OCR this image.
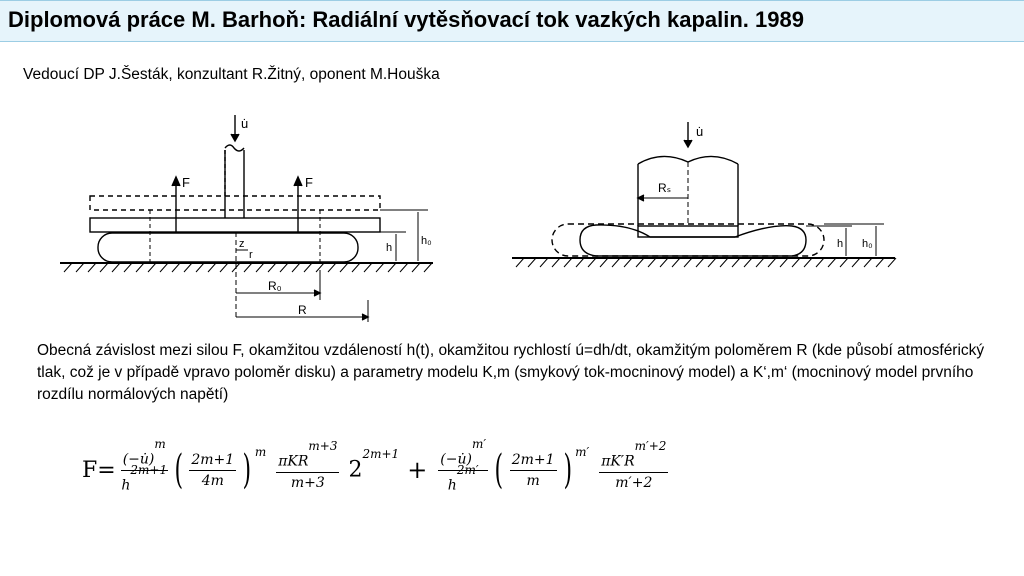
Diplomová práce M. Barhoň: Radiální vytěsňovací tok vazkých kapalin. 1989
Vedoucí DP J.Šesták, konzultant R.Žitný, oponent M.Houška
u̇
F	F
z
r
h
h₀
R₀
R
u̇
Rₛ
h h₀
Obecná závislost mezi silou F, okamžitou vzdáleností h(t), okamžitou rychlostí ú=dh/dt, okamžitým poloměrem R (kde působí atmosférický tlak, což je v případě vpravo poloměr disku) a parametry modelu K,m (smykový tok-mocninový model) a K‘,m‘ (mocninový model prvního rozdílu normálových napětí)
$F= \frac{(-u̇)m}{h2m+1}$ ( $\frac{2m+1}{4m}$ ) m $\frac{\text{πKRm+3}}{m+3} 2^{2m+1}$
+ $\frac{(-u̇)m'}{h2m'}$ ( $\frac{2m+1}{m}$ ) $m' \frac{\pi K'Rm'+2}{m'+2}$
